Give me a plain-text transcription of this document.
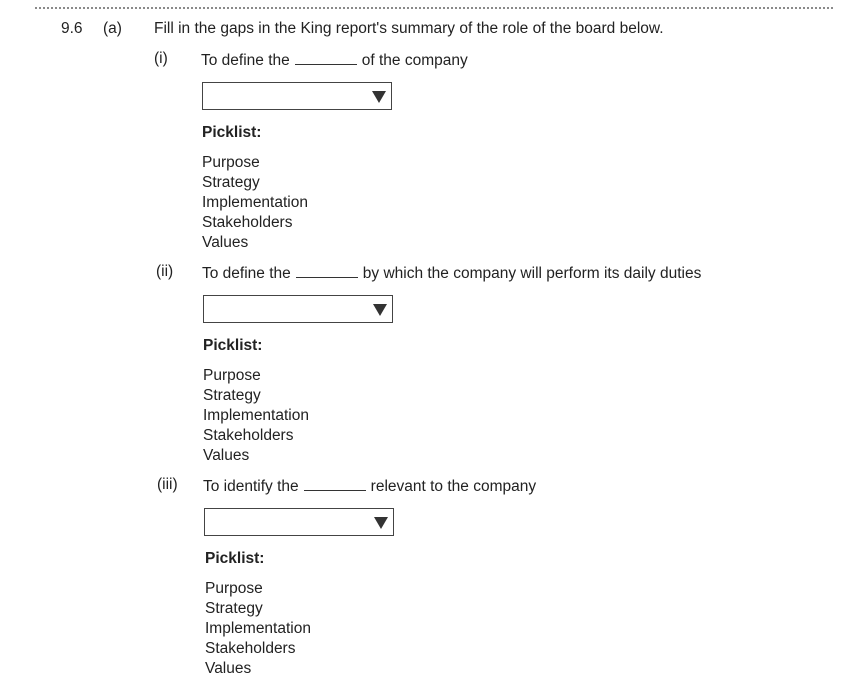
9.6 (a) Fill in the gaps in the King report's summary of the role of the board below.
(i) To define the	of the company
Picklist:
Purpose
Strategy
Implementation
Stakeholders
Values
(ii) To define the	by which the company will perform its daily duties
Picklist:
Purpose
Strategy
Implementation
Stakeholders
Values
(iii) To identify the	relevant to the company
Picklist:
Purpose
Strategy
Implementation
Stakeholders
Values
